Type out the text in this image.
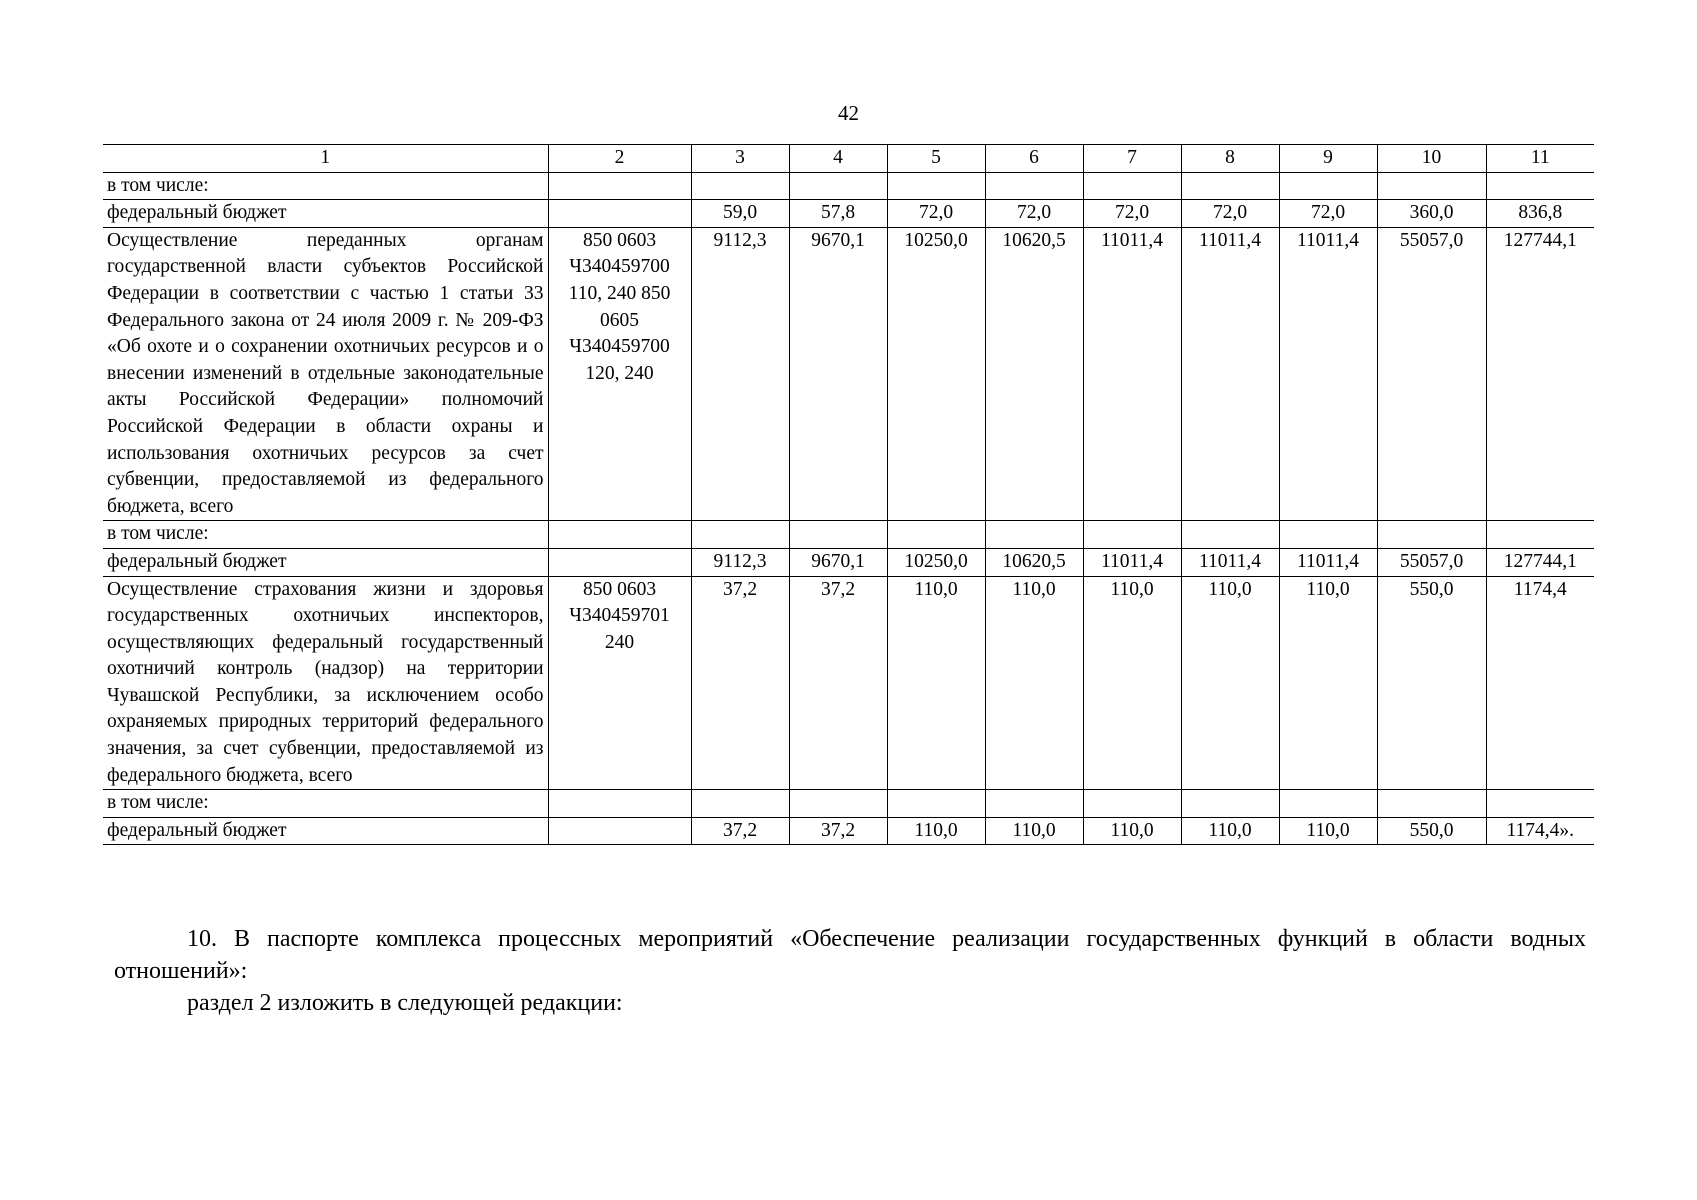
42
1	2	3	4	5	6	7	8	9	10	11
в том числе:										
федеральный бюджет		59,0	57,8	72,0	72,0	72,0	72,0	72,0	360,0	836,8
Осуществление переданных органам государственной власти субъектов Российской Федерации в соответствии с частью 1 статьи 33 Федерального закона от 24 июля 2009 г. № 209-ФЗ «Об охоте и о сохранении охотничьих ресурсов и о внесении изменений в отдельные законодательные акты Российской Федерации» полномочий Российской Федерации в области охраны и использования охотничьих ресурсов за счет субвенции, предоставляемой из федерального бюджета, всего	850 0603 Ч340459700 110, 240 850 0605 Ч340459700 120, 240	9112,3	9670,1	10250,0	10620,5	11011,4	11011,4	11011,4	55057,0	127744,1
в том числе:										
федеральный бюджет		9112,3	9670,1	10250,0	10620,5	11011,4	11011,4	11011,4	55057,0	127744,1
Осуществление страхования жизни и здоровья государственных охотничьих инспекторов, осуществляющих федеральный государственный охотничий контроль (надзор) на территории Чувашской Республики, за исключением особо охраняемых природных территорий федерального значения, за счет субвенции, предоставляемой из федерального бюджета, всего	850 0603 Ч340459701 240	37,2	37,2	110,0	110,0	110,0	110,0	110,0	550,0	1174,4
в том числе:										
федеральный бюджет		37,2	37,2	110,0	110,0	110,0	110,0	110,0	550,0	1174,4».
10. В паспорте комплекса процессных мероприятий «Обеспечение реализации государственных функций в области водных отношений»:
раздел 2 изложить в следующей редакции:
